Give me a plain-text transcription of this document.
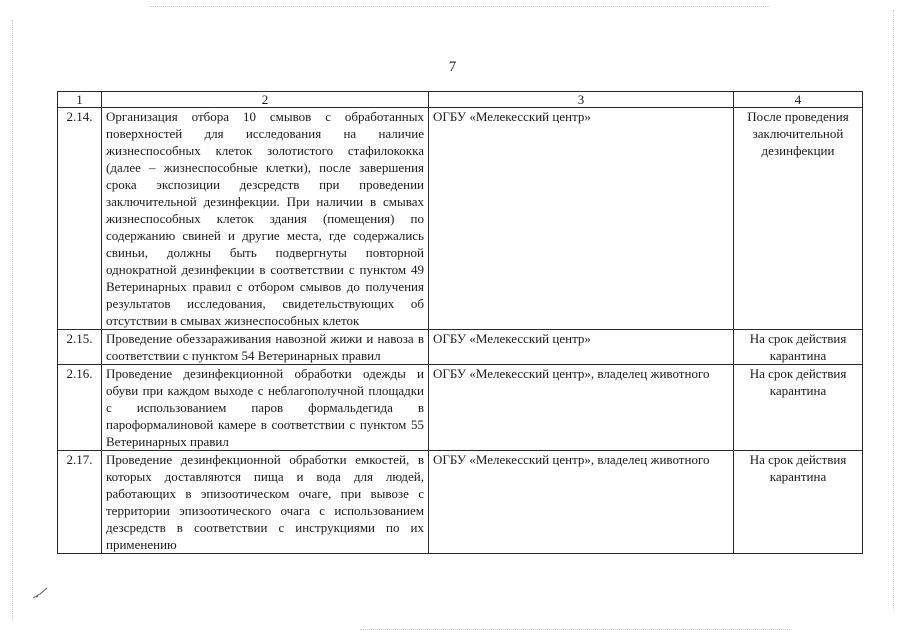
7
1	2	3	4
2.14.	Организация отбора 10 смывов с обработанных поверхностей для исследования на наличие жизнеспособных клеток золотистого стафилококка (далее – жизнеспособные клетки), после завершения срока экспозиции дезсредств при проведении заключительной дезинфекции. При наличии в смывах жизнеспособных клеток здания (помещения) по содержанию свиней и другие места, где содержались свиньи, должны быть подвергнуты повторной однократной дезинфекции в соответствии с пунктом 49 Ветеринарных правил с отбором смывов до получения результатов исследования, свидетельствующих об отсутствии в смывах жизнеспособных клеток	ОГБУ «Мелекесский центр»	После проведения заключительной дезинфекции
2.15.	Проведение обеззараживания навозной жижи и навоза в соответствии с пунктом 54 Ветеринарных правил	ОГБУ «Мелекесский центр»	На срок действия карантина
2.16.	Проведение дезинфекционной обработки одежды и обуви при каждом выходе с неблагополучной площадки с использованием паров формальдегида в пароформалиновой камере в соответствии с пунктом 55 Ветеринарных правил	ОГБУ «Мелекесский центр», владелец животного	На срок действия карантина
2.17.	Проведение дезинфекционной обработки емкостей, в которых доставляются пища и вода для людей, работающих в эпизоотическом очаге, при вывозе с территории эпизоотического очага с использованием дезсредств в соответствии с инструкциями по их применению	ОГБУ «Мелекесский центр», владелец животного	На срок действия карантина
